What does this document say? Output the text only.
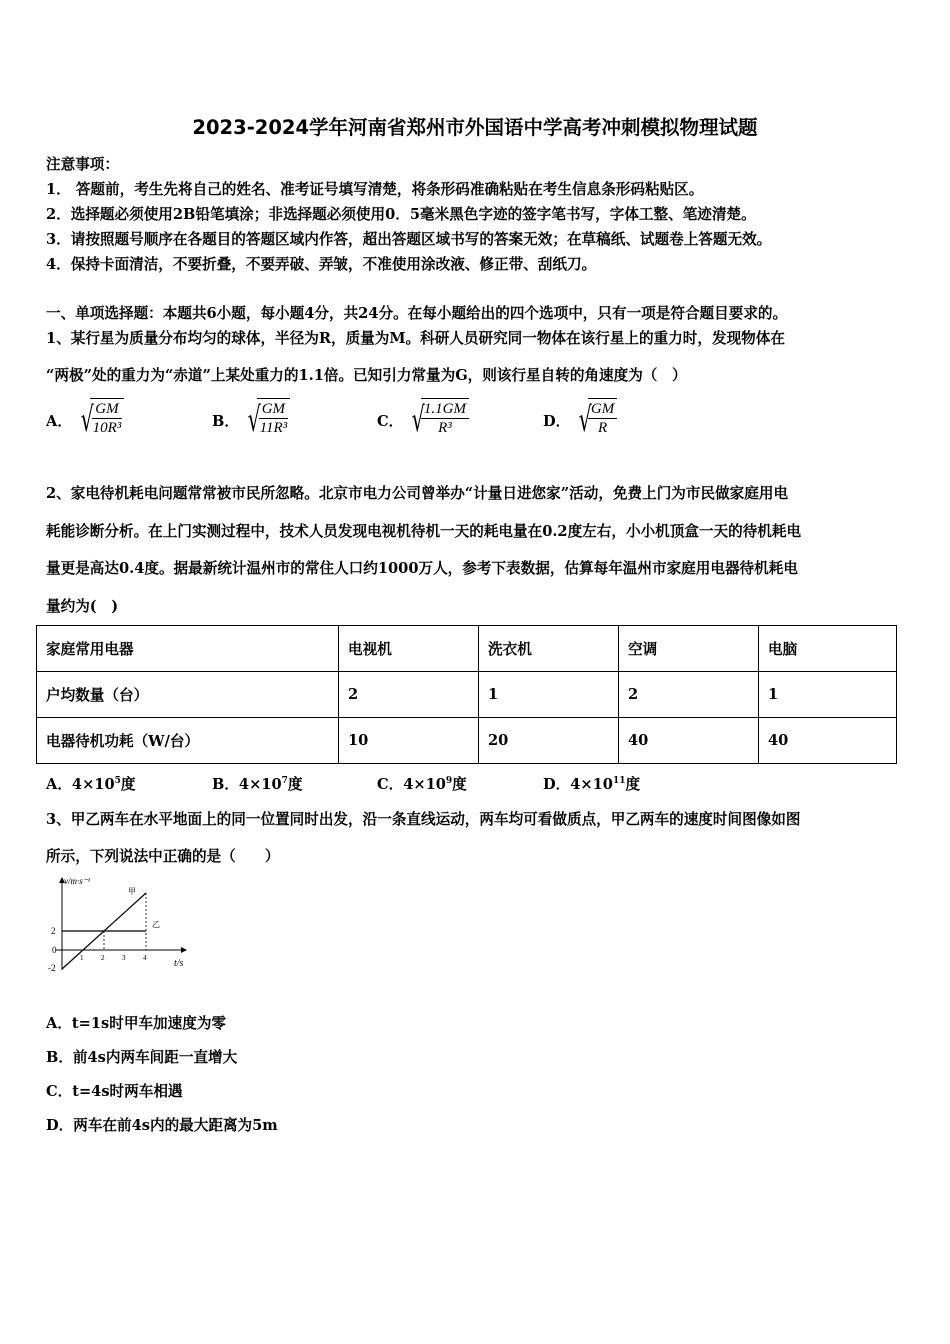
2023-2024学年河南省郑州市外国语中学高考冲刺模拟物理试题
注意事项：
1． 答题前，考生先将自己的姓名、准考证号填写清楚，将条形码准确粘贴在考生信息条形码粘贴区。
2．选择题必须使用2B铅笔填涂；非选择题必须使用0．5毫米黑色字迹的签字笔书写，字体工整、笔迹清楚。
3．请按照题号顺序在各题目的答题区域内作答，超出答题区域书写的答案无效；在草稿纸、试题卷上答题无效。
4．保持卡面清洁，不要折叠，不要弄破、弄皱，不准使用涂改液、修正带、刮纸刀。
一、单项选择题：本题共6小题，每小题4分，共24分。在每小题给出的四个选项中，只有一项是符合题目要求的。
1、某行星为质量分布均匀的球体，半径为R，质量为M。科研人员研究同一物体在该行星上的重力时，发现物体在
“两极”处的重力为“赤道”上某处重力的1.1倍。已知引力常量为G，则该行星自转的角速度为（　）
A． √
$\frac{GM}{\text{10R³}}$	B． √
$\frac{GM}{\text{11R³}}$	C． √
$\frac{1.1GM}{\text{R³}}$	D． √
$\frac{GM}{R}$
2、家电待机耗电问题常常被市民所忽略。北京市电力公司曾举办“计量日进您家”活动，免费上门为市民做家庭用电
耗能诊断分析。在上门实测过程中，技术人员发现电视机待机一天的耗电量在0.2度左右，小小机顶盒一天的待机耗电
量更是高达0.4度。据最新统计温州市的常住人口约1000万人，参考下表数据，估算每年温州市家庭用电器待机耗电
量约为(　)
家庭常用电器	电视机	洗衣机	空调	电脑
户均数量（台）	2	1	2	1
电器待机功耗（W/台）	10	20	40	40
A．$4\times 10^5$度	B．$4\times 10^7$度	C．$4\times 10^9$度	D．$4\times 10^{11}$度
3、甲乙两车在水平地面上的同一位置同时出发，沿一条直线运动，两车均可看做质点，甲乙两车的速度时间图像如图
所示，下列说法中正确的是（　　）
v/m·s⁻¹
t/s
甲
乙
2
0
-2
1	2	3	4
A．t=1s时甲车加速度为零
B．前4s内两车间距一直增大
C．t=4s时两车相遇
D．两车在前4s内的最大距离为5m
